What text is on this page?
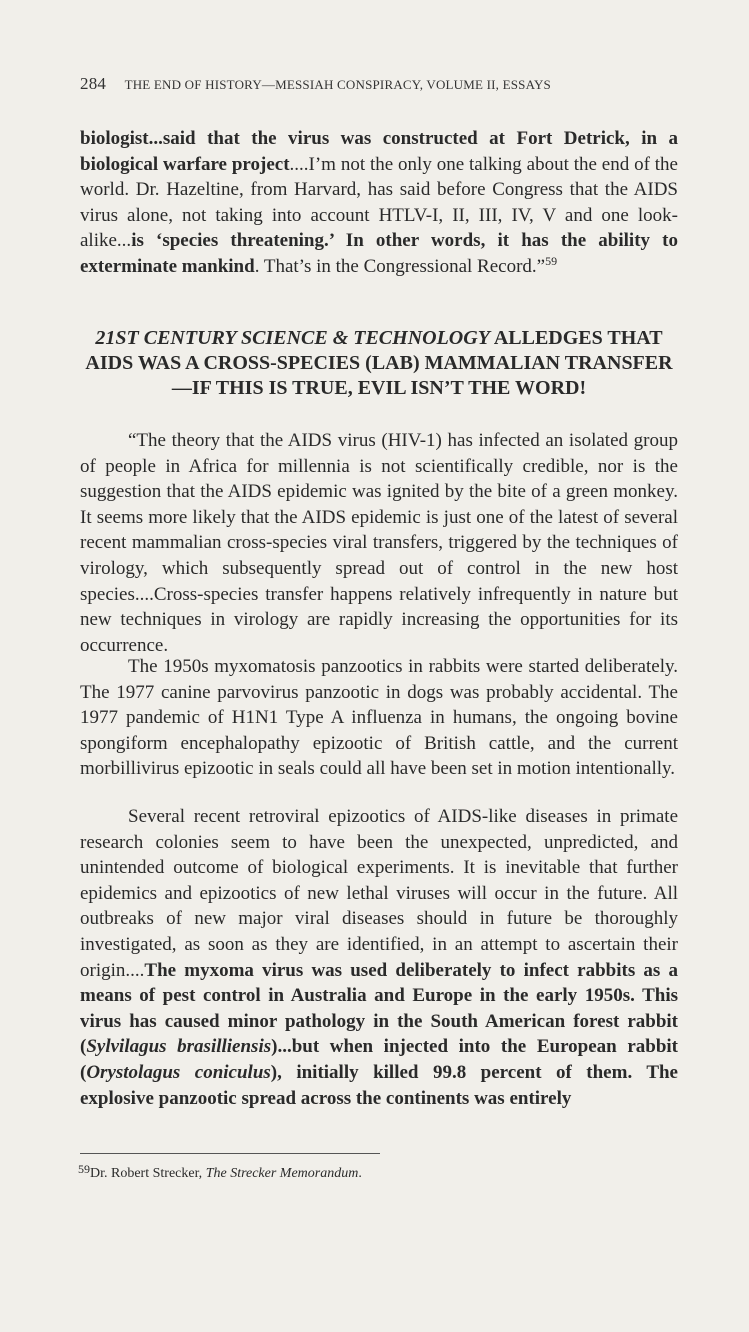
284 THE END OF HISTORY—MESSIAH CONSPIRACY, VOLUME II, ESSAYS

biologist...said that the virus was constructed at Fort Detrick, in a biological warfare project....I’m not the only one talking about the end of the world. Dr. Hazeltine, from Harvard, has said before Congress that the AIDS virus alone, not taking into account HTLV-I, II, III, IV, V and one look-alike...is ‘species threatening.’ In other words, it has the ability to exterminate mankind. That’s in the Congressional Record.”$^{59}$

21ST CENTURY SCIENCE & TECHNOLOGY ALLEDGES THAT AIDS WAS A CROSS-SPECIES (LAB) MAMMALIAN TRANSFER—IF THIS IS TRUE, EVIL ISN’T THE WORD!

“The theory that the AIDS virus (HIV-1) has infected an isolated group of people in Africa for millennia is not scientifically credible, nor is the suggestion that the AIDS epidemic was ignited by the bite of a green monkey. It seems more likely that the AIDS epidemic is just one of the latest of several recent mammalian cross-species viral transfers, triggered by the techniques of virology, which subsequently spread out of control in the new host species....Cross-species transfer happens relatively infrequently in nature but new techniques in virology are rapidly increasing the opportunities for its occurrence.

The 1950s myxomatosis panzootics in rabbits were started deliberately. The 1977 canine parvovirus panzootic in dogs was probably accidental. The 1977 pandemic of H1N1 Type A influenza in humans, the ongoing bovine spongiform encephalopathy epizootic of British cattle, and the current morbillivirus epizootic in seals could all have been set in motion intentionally.

Several recent retroviral epizootics of AIDS-like diseases in primate research colonies seem to have been the unexpected, unpredicted, and unintended outcome of biological experiments. It is inevitable that further epidemics and epizootics of new lethal viruses will occur in the future. All outbreaks of new major viral diseases should in future be thoroughly investigated, as soon as they are identified, in an attempt to ascertain their origin....The myxoma virus was used deliberately to infect rabbits as a means of pest control in Australia and Europe in the early 1950s. This virus has caused minor pathology in the South American forest rabbit (Sylvilagus brasilliensis)...but when injected into the European rabbit (Orystolagus coniculus), initially killed 99.8 percent of them. The explosive panzootic spread across the continents was entirely

$^{59}$Dr. Robert Strecker, The Strecker Memorandum.
